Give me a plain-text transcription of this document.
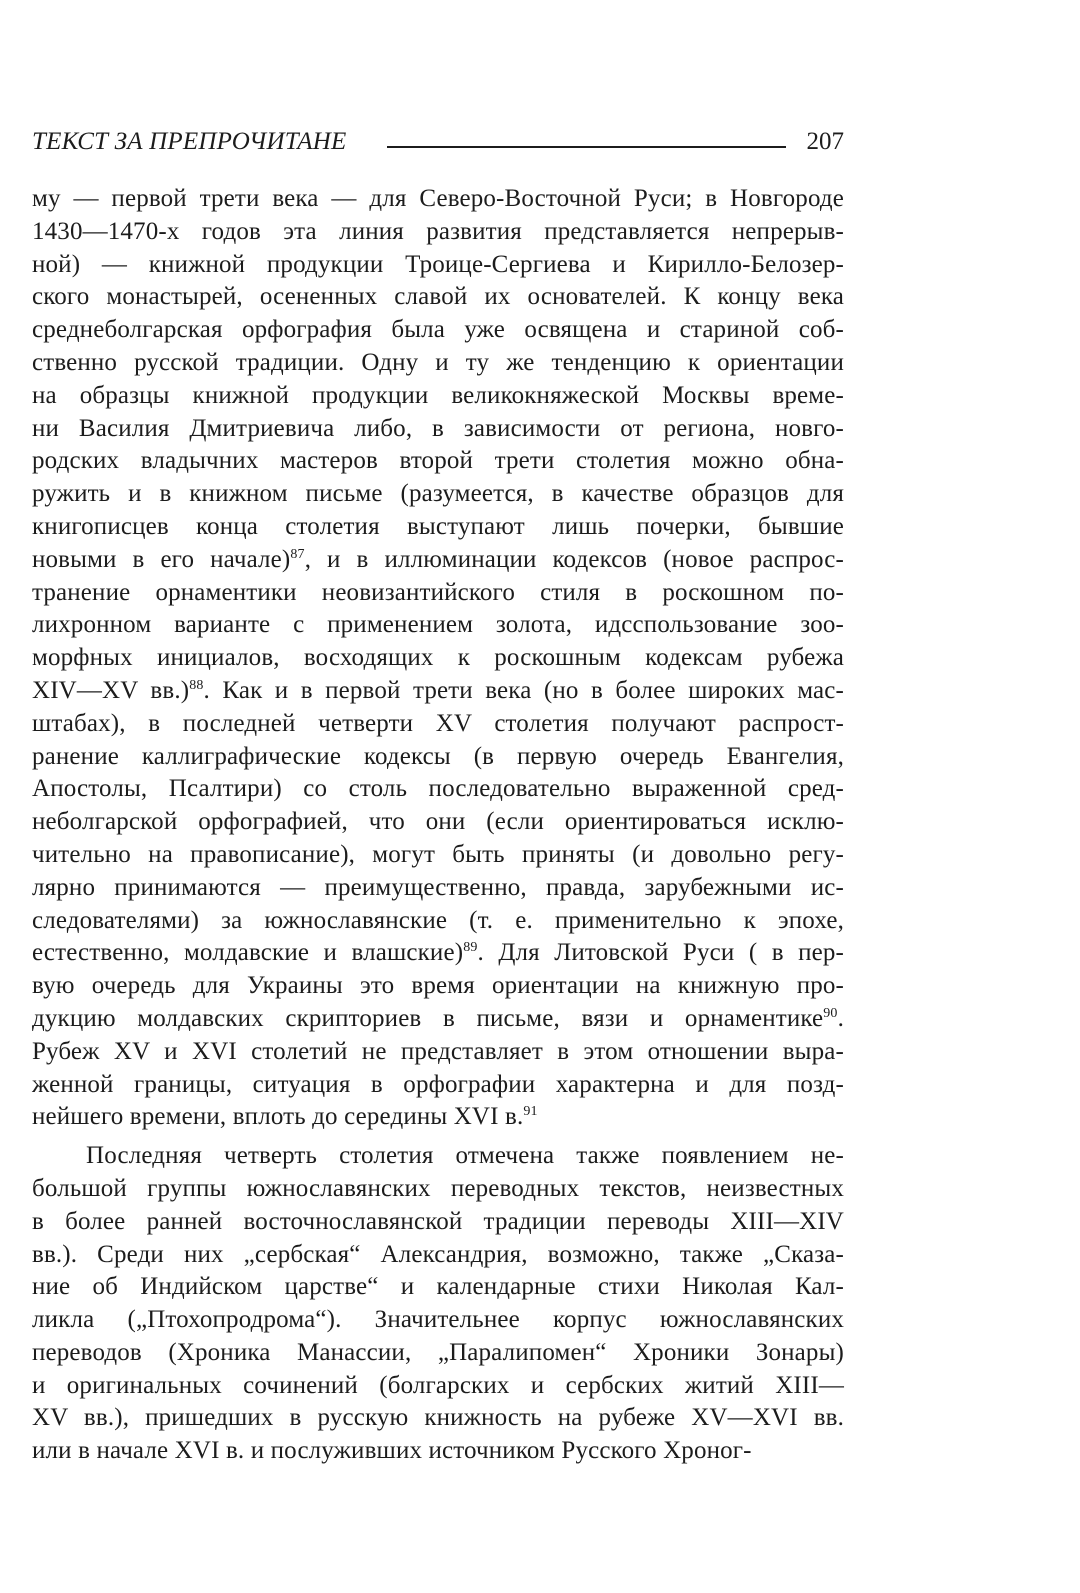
ТЕКСТ ЗА ПРЕПРОЧИТАНЕ	207
му — первой трети века — для Северо-Восточной Руси; в Новгороде
1430—1470-х годов эта линия развития представляется непрерыв-
ной) — книжной продукции Троице-Сергиева и Кирилло-Белозер-
ского монастырей, осененных славой их основателей. К концу века
среднеболгарская орфография была уже освящена и стариной соб-
ственно русской традиции. Одну и ту же тенденцию к ориентации
на образцы книжной продукции великокняжеской Москвы време-
ни Василия Дмитриевича либо, в зависимости от региона, новго-
родских владычних мастеров второй трети столетия можно обна-
ружить и в книжном письме (разумеется, в качестве образцов для
книгописцев конца столетия выступают лишь почерки, бывшие
новыми в его начале)$^{87}$, и в иллюминации кодексов (новое распрос-
транение орнаментики неовизантийского стиля в роскошном по-
лихронном варианте с применением золота, идсспользование зоо-
морфных инициалов, восходящих к роскошным кодексам рубежа
XIV—XV вв.)$^{88}$. Как и в первой трети века (но в более широких мас-
штабах), в последней четверти XV столетия получают распрост-
ранение каллиграфические кодексы (в первую очередь Евангелия,
Апостолы, Псалтири) со столь последовательно выраженной сред-
неболгарской орфографией, что они (если ориентироваться исклю-
чительно на правописание), могут быть приняты (и довольно регу-
лярно принимаются — преимущественно, правда, зарубежными ис-
следователями) за южнославянские (т. е. применительно к эпохе,
естественно, молдавские и влашские)$^{89}$. Для Литовской Руси ( в пер-
вую очередь для Украины это время ориентации на книжную про-
дукцию молдавских скрипториев в письме, вязи и орнаментике$^{90}$.
Рубеж XV и XVI столетий не представляет в этом отношении выра-
женной границы, ситуация в орфографии характерна и для позд-
нейшего времени, вплоть до середины XVI в.$^{91}$
Последняя четверть столетия отмечена также появлением не-
большой группы южнославянских переводных текстов, неизвестных
в более ранней восточнославянской традиции переводы XIII—XIV
вв.). Среди них „сербская“ Александрия, возможно, также „Сказа-
ние об Индийском царстве“ и календарные стихи Николая Кал-
ликла („Птохопродрома“). Значительнее корпус южнославянских
переводов (Хроника Манассии, „Паралипомен“ Хроники Зонары)
и оригинальных сочинений (болгарских и сербских житий XIII—
XV вв.), пришедших в русскую книжность на рубеже XV—XVI вв.
или в начале XVI в. и послуживших источником Русского Хроног-
